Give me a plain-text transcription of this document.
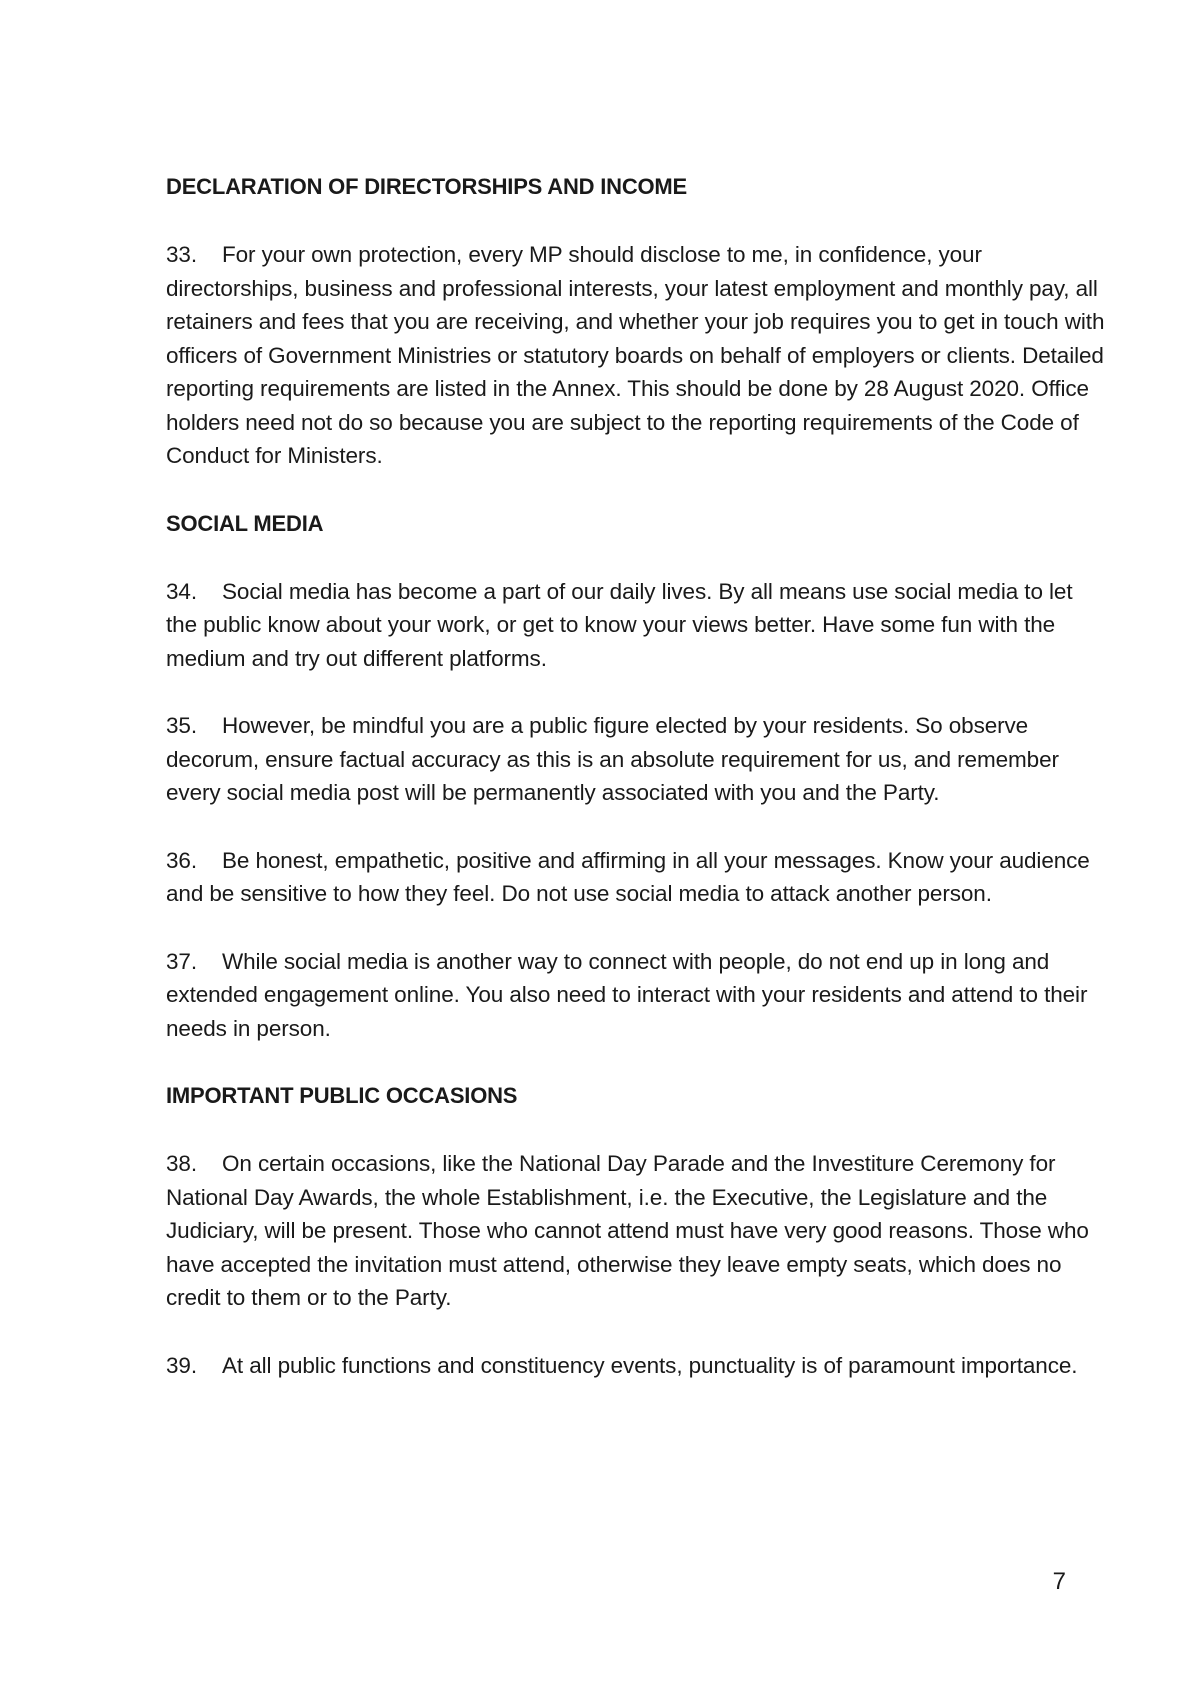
DECLARATION OF DIRECTORSHIPS AND INCOME

33. For your own protection, every MP should disclose to me, in confidence, your directorships, business and professional interests, your latest employment and monthly pay, all retainers and fees that you are receiving, and whether your job requires you to get in touch with officers of Government Ministries or statutory boards on behalf of employers or clients. Detailed reporting requirements are listed in the Annex. This should be done by 28 August 2020. Office holders need not do so because you are subject to the reporting requirements of the Code of Conduct for Ministers.

SOCIAL MEDIA

34. Social media has become a part of our daily lives. By all means use social media to let the public know about your work, or get to know your views better. Have some fun with the medium and try out different platforms.

35. However, be mindful you are a public figure elected by your residents. So observe decorum, ensure factual accuracy as this is an absolute requirement for us, and remember every social media post will be permanently associated with you and the Party.

36. Be honest, empathetic, positive and affirming in all your messages. Know your audience and be sensitive to how they feel. Do not use social media to attack another person.

37. While social media is another way to connect with people, do not end up in long and extended engagement online. You also need to interact with your residents and attend to their needs in person.

IMPORTANT PUBLIC OCCASIONS

38. On certain occasions, like the National Day Parade and the Investiture Ceremony for National Day Awards, the whole Establishment, i.e. the Executive, the Legislature and the Judiciary, will be present. Those who cannot attend must have very good reasons. Those who have accepted the invitation must attend, otherwise they leave empty seats, which does no credit to them or to the Party.

39. At all public functions and constituency events, punctuality is of paramount importance.

7
